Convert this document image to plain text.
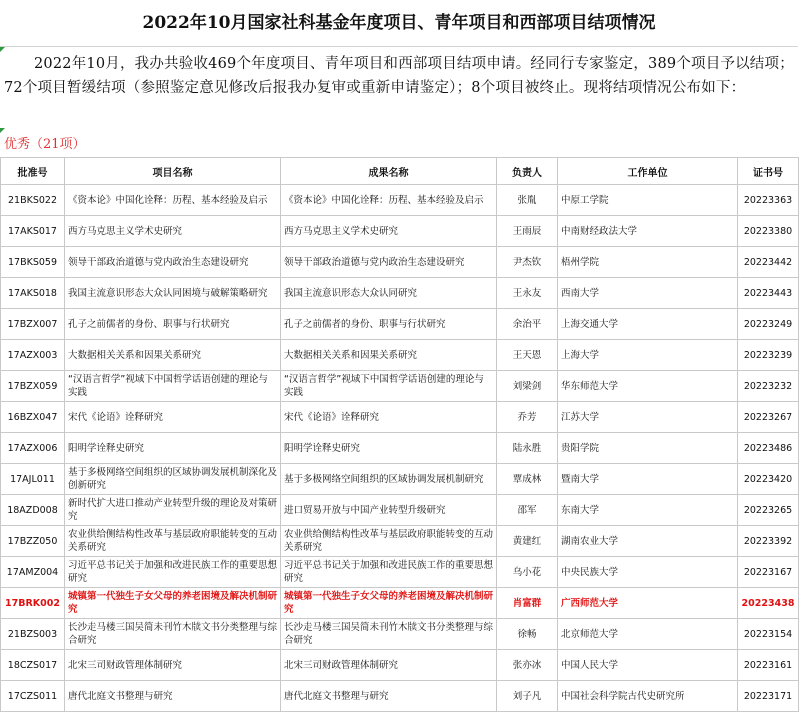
2022年10月国家社科基金年度项目、青年项目和西部项目结项情况

2022年10月，我办共验收469个年度项目、青年项目和西部项目结项申请。经同行专家鉴定，389个项目予以结项；72个项目暂缓结项（参照鉴定意见修改后报我办复审或重新申请鉴定）；8个项目被终止。现将结项情况公布如下：

优秀（21项）
批准号	项目名称	成果名称	负责人	工作单位	证书号
21BKS022	《资本论》中国化诠释：历程、基本经验及启示	《资本论》中国化诠释：历程、基本经验及启示	张胤	中原工学院	20223363
17AKS017	西方马克思主义学术史研究	西方马克思主义学术史研究	王雨辰	中南财经政法大学	20223380
17BKS059	领导干部政治道德与党内政治生态建设研究	领导干部政治道德与党内政治生态建设研究	尹杰钦	梧州学院	20223442
17AKS018	我国主流意识形态大众认同困境与破解策略研究	我国主流意识形态大众认同研究	王永友	西南大学	20223443
17BZX007	孔子之前儒者的身份、职事与行状研究	孔子之前儒者的身份、职事与行状研究	余治平	上海交通大学	20223249
17AZX003	大数据相关关系和因果关系研究	大数据相关关系和因果关系研究	王天恩	上海大学	20223239
17BZX059	“汉语言哲学”视域下中国哲学话语创建的理论与实践	“汉语言哲学”视域下中国哲学话语创建的理论与实践	刘梁剑	华东师范大学	20223232
16BZX047	宋代《论语》诠释研究	宋代《论语》诠释研究	乔芳	江苏大学	20223267
17AZX006	阳明学诠释史研究	阳明学诠释史研究	陆永胜	贵阳学院	20223486
17AJL011	基于多极网络空间组织的区域协调发展机制深化及创新研究	基于多极网络空间组织的区域协调发展机制研究	覃成林	暨南大学	20223420
18AZD008	新时代扩大进口推动产业转型升级的理论及对策研究	进口贸易开放与中国产业转型升级研究	邵军	东南大学	20223265
17BZZ050	农业供给侧结构性改革与基层政府职能转变的互动关系研究	农业供给侧结构性改革与基层政府职能转变的互动关系研究	黄建红	湖南农业大学	20223392
17AMZ004	习近平总书记关于加强和改进民族工作的重要思想研究	习近平总书记关于加强和改进民族工作的重要思想研究	乌小花	中央民族大学	20223167
17BRK002	城镇第一代独生子女父母的养老困境及解决机制研究	城镇第一代独生子女父母的养老困境及解决机制研究	肖富群	广西师范大学	20223438
21BZS003	长沙走马楼三国吴简未刊竹木牍文书分类整理与综合研究	长沙走马楼三国吴简未刊竹木牍文书分类整理与综合研究	徐畅	北京师范大学	20223154
18CZS017	北宋三司财政管理体制研究	北宋三司财政管理体制研究	张亦冰	中国人民大学	20223161
17CZS011	唐代北庭文书整理与研究	唐代北庭文书整理与研究	刘子凡	中国社会科学院古代史研究所	20223171
